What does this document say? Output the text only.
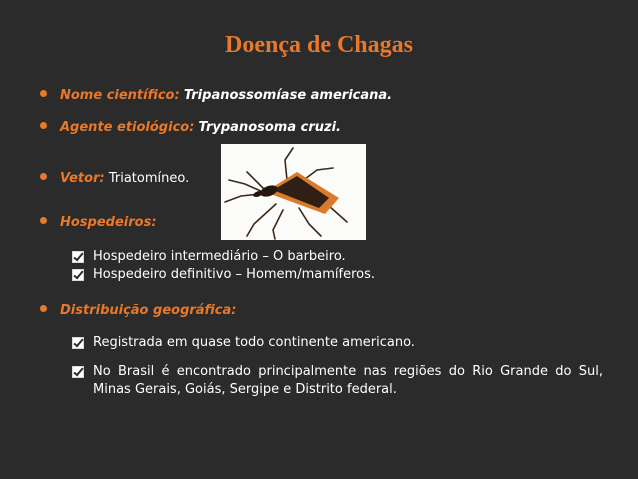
Doença de Chagas
Nome científico:
Tripanossomíase americana.
Agente etiológico:
Trypanosoma cruzi.
Vetor:
Triatomíneo.
Hospedeiros:
Hospedeiro intermediário – O barbeiro.
Hospedeiro definitivo – Homem/mamíferos.
Distribuição geográfica:
Registrada em quase todo continente americano.
No Brasil é encontrado principalmente nas regiões do Rio Grande do Sul, Minas Gerais, Goiás, Sergipe e Distrito federal.
